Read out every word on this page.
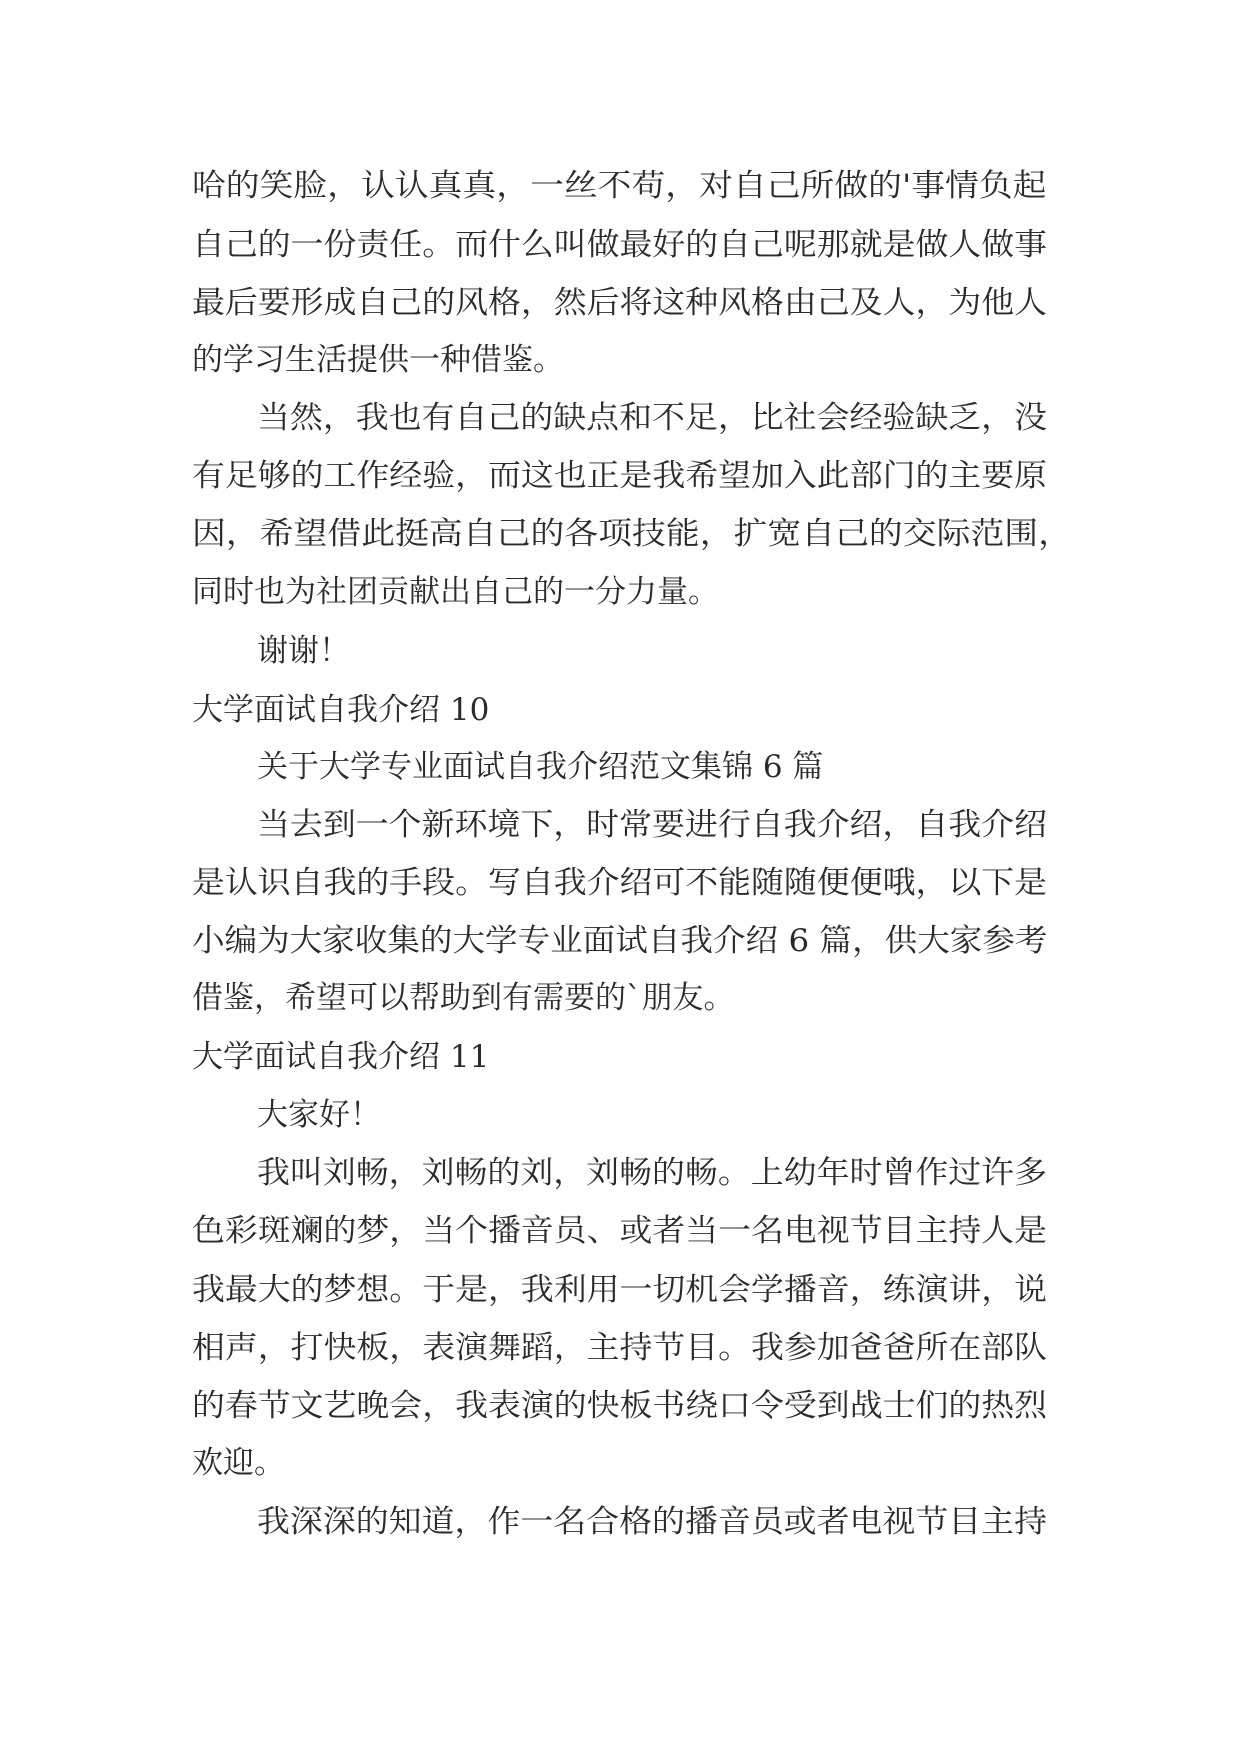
哈的笑脸，认认真真，一丝不苟，对自己所做的'事情负起
自己的一份责任。而什么叫做最好的自己呢那就是做人做事
最后要形成自己的风格，然后将这种风格由己及人，为他人
的学习生活提供一种借鉴。
当然，我也有自己的缺点和不足，比社会经验缺乏，没
有足够的工作经验，而这也正是我希望加入此部门的主要原
因，希望借此挺高自己的各项技能，扩宽自己的交际范围，
同时也为社团贡献出自己的一分力量。
谢谢！
大学面试自我介绍 10
关于大学专业面试自我介绍范文集锦 6 篇
当去到一个新环境下，时常要进行自我介绍，自我介绍
是认识自我的手段。写自我介绍可不能随随便便哦，以下是
小编为大家收集的大学专业面试自我介绍 6 篇，供大家参考
借鉴，希望可以帮助到有需要的`朋友。
大学面试自我介绍 11
大家好！
我叫刘畅，刘畅的刘，刘畅的畅。上幼年时曾作过许多
色彩斑斓的梦，当个播音员、或者当一名电视节目主持人是
我最大的梦想。于是，我利用一切机会学播音，练演讲，说
相声，打快板，表演舞蹈，主持节目。我参加爸爸所在部队
的春节文艺晚会，我表演的快板书绕口令受到战士们的热烈
欢迎。
我深深的知道，作一名合格的播音员或者电视节目主持
